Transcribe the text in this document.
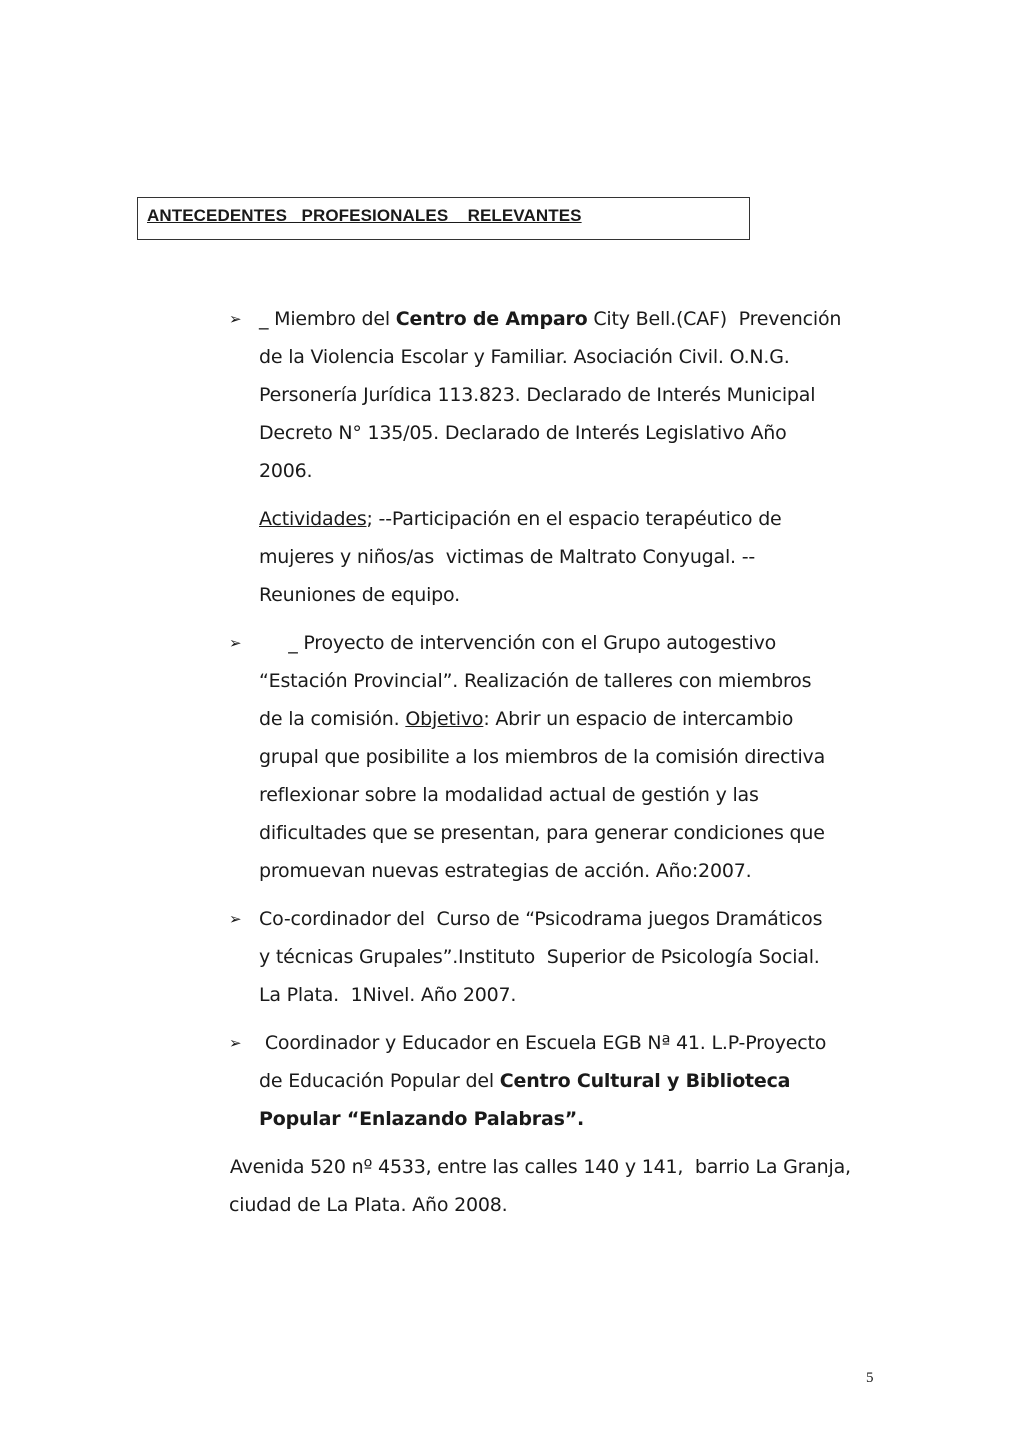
ANTECEDENTES   PROFESIONALES    RELEVANTES
➢ _ Miembro del Centro de Amparo City Bell.(CAF)  Prevención
de la Violencia Escolar y Familiar. Asociación Civil. O.N.G.
Personería Jurídica 113.823. Declarado de Interés Municipal
Decreto N° 135/05. Declarado de Interés Legislativo Año
2006.
Actividades; --Participación en el espacio terapéutico de
mujeres y niños/as  victimas de Maltrato Conyugal. --
Reuniones de equipo.
➢ _ Proyecto de intervención con el Grupo autogestivo
“Estación Provincial”. Realización de talleres con miembros
de la comisión. Objetivo: Abrir un espacio de intercambio
grupal que posibilite a los miembros de la comisión directiva
reflexionar sobre la modalidad actual de gestión y las
dificultades que se presentan, para generar condiciones que
promuevan nuevas estrategias de acción. Año:2007.
➢ Co-cordinador del  Curso de “Psicodrama juegos Dramáticos
y técnicas Grupales”.Instituto  Superior de Psicología Social.
La Plata.  1Nivel. Año 2007.
➢ Coordinador y Educador en Escuela EGB Nª 41. L.P-Proyecto
de Educación Popular del Centro Cultural y Biblioteca
Popular “Enlazando Palabras”.
Avenida 520 nº 4533, entre las calles 140 y 141,  barrio La Granja,
ciudad de La Plata. Año 2008.
5
